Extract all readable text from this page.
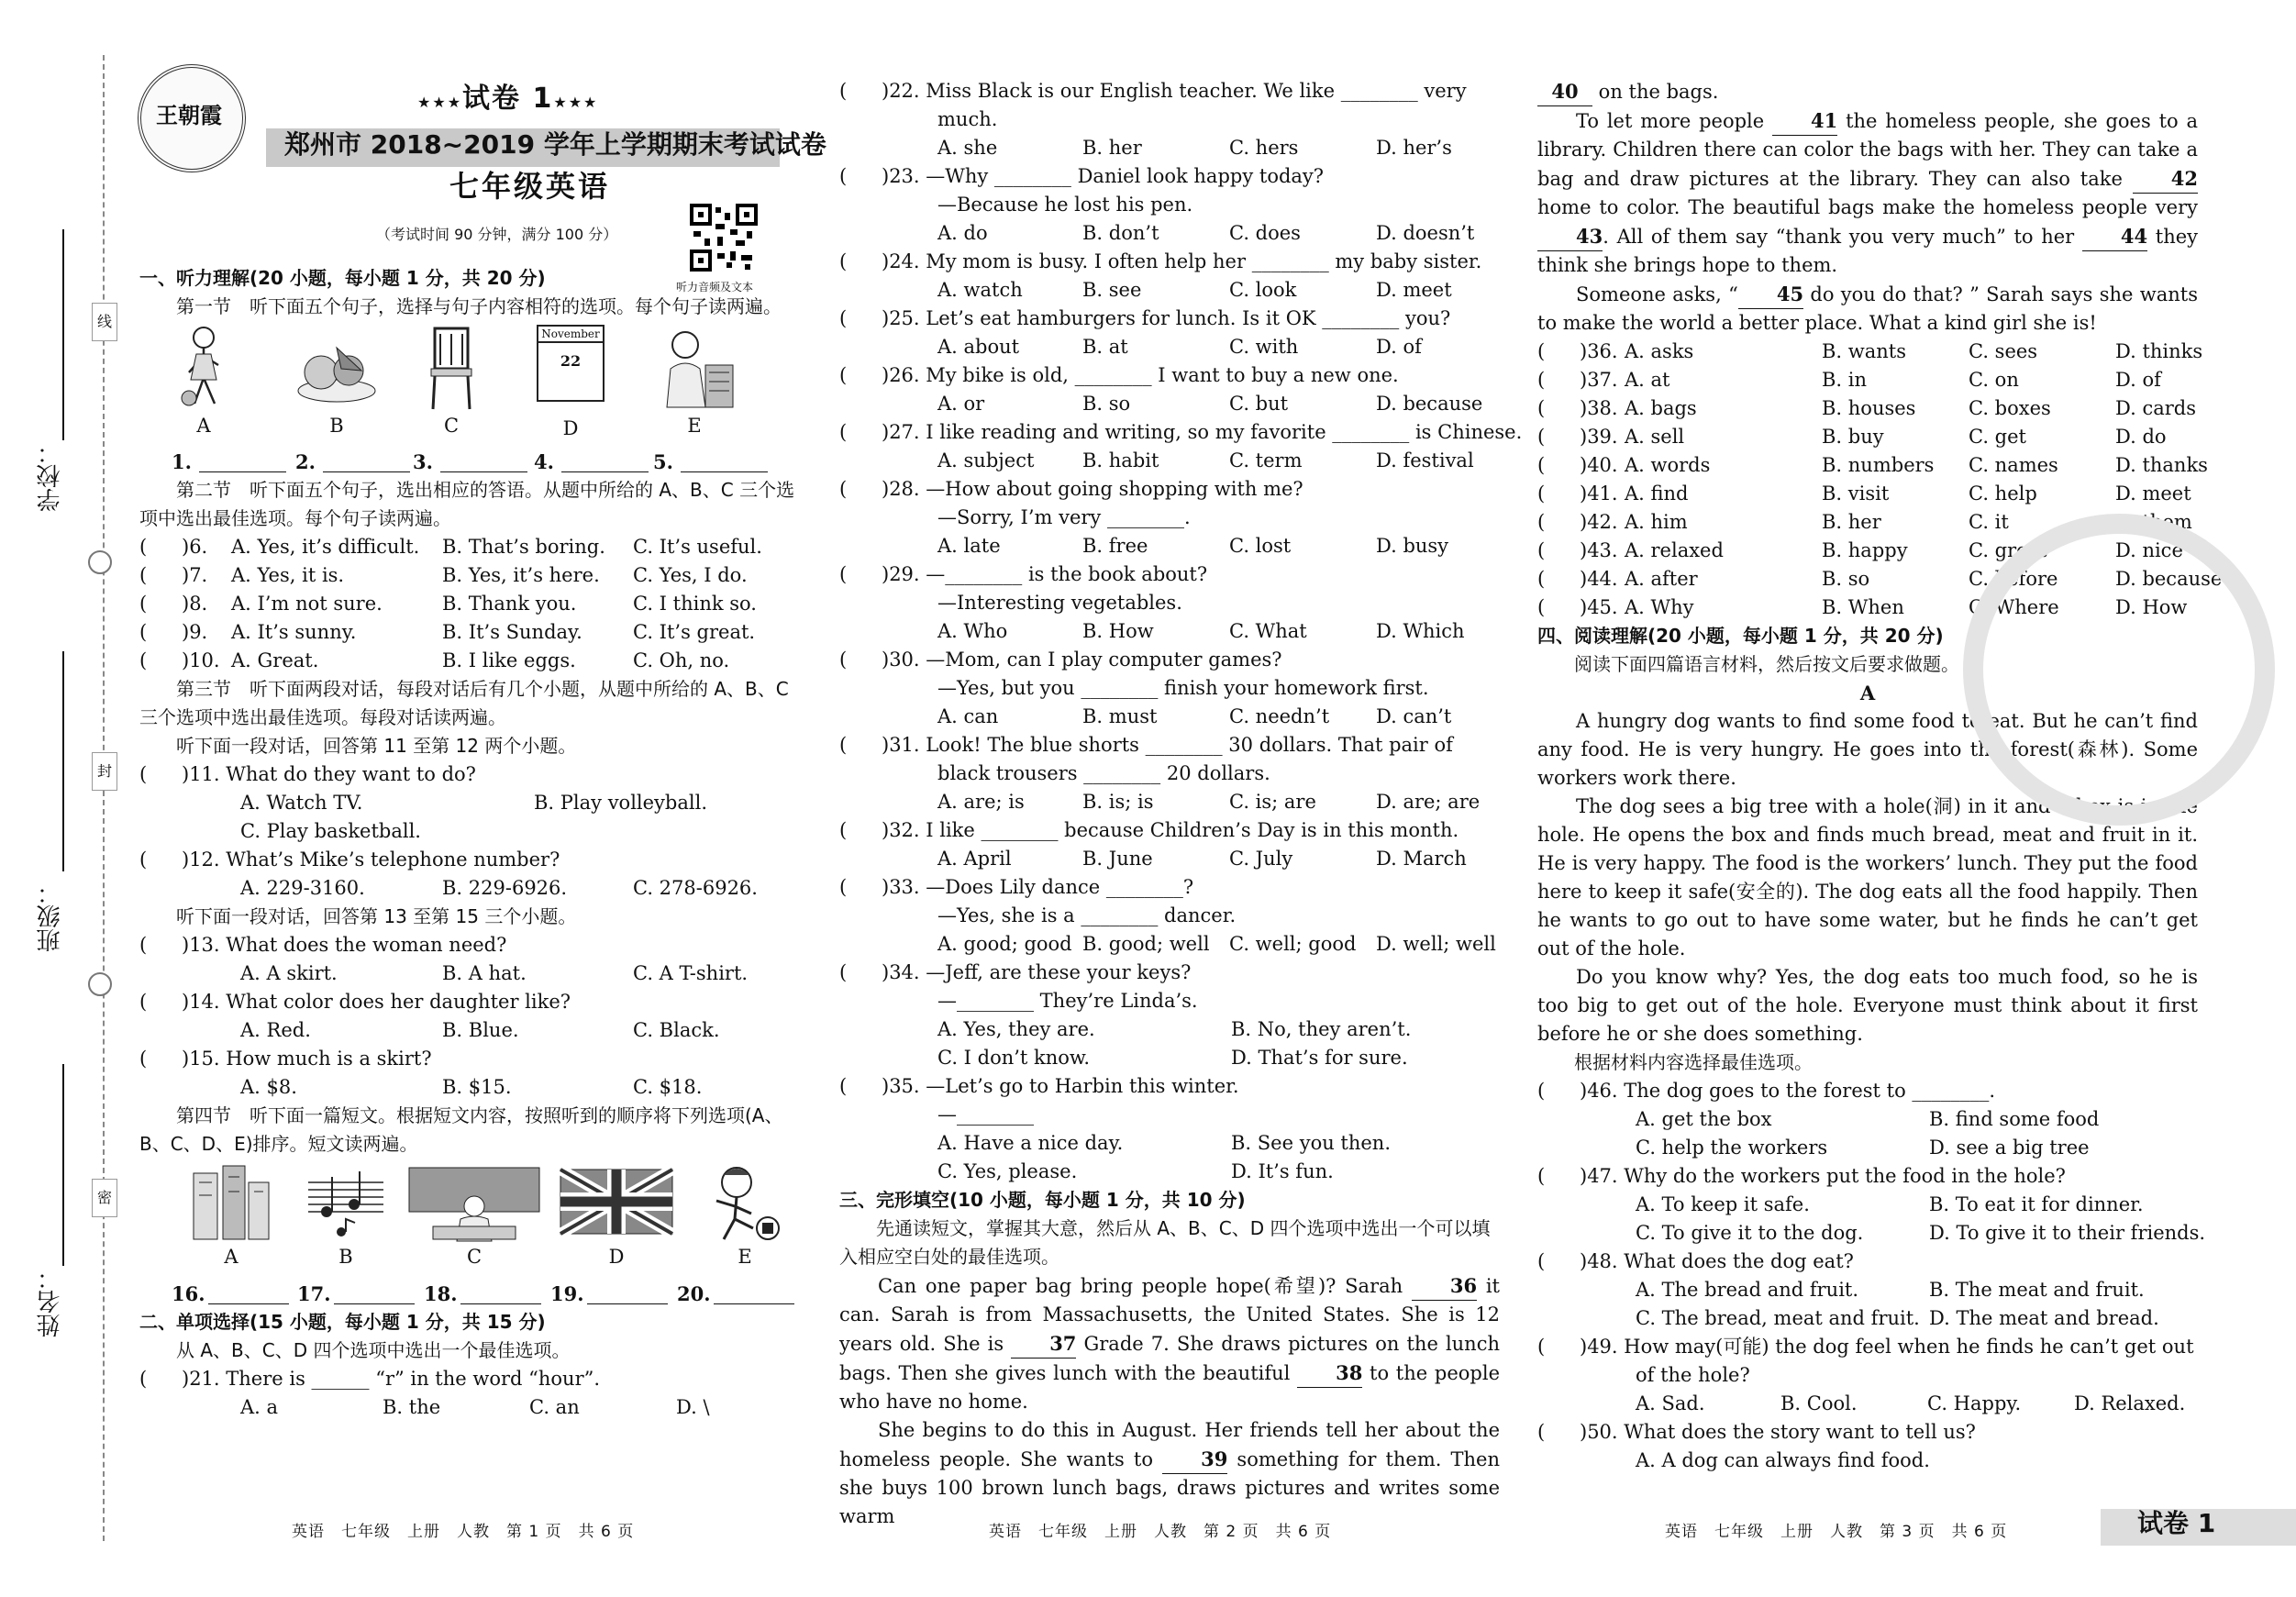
线
封
密
学校：
班级：
姓名：
王朝霞	★★★试卷 1★★★
郑州市 2018~2019 学年上学期期末考试试卷
七年级英语
（考试时间 90 分钟，满分 100 分）
听力音频及文本
一、听力理解(20 小题，每小题 1 分，共 20 分)
第一节　听下面五个句子，选择与句子内容相符的选项。每个句子读两遍。
A	B	C
November
22
D	E
1.	2.	3.	4.	5.
第二节　听下面五个句子，选出相应的答语。从题中所给的 A、B、C 三个选项中选出最佳选项。每个句子读两遍。
( )6. A. Yes, it’s difficult. B. That’s boring. C. It’s useful.
( )7. A. Yes, it is.	B. Yes, it’s here. C. Yes, I do.
( )8. A. I’m not sure.	B. Thank you.	C. I think so.
( )9. A. It’s sunny.	B. It’s Sunday.	C. It’s great.
( )10. A. Great.	B. I like eggs.	C. Oh, no.
第三节　听下面两段对话，每段对话后有几个小题，从题中所给的 A、B、C 三个选项中选出最佳选项。每段对话读两遍。
听下面一段对话，回答第 11 至第 12 两个小题。
( )11. What do they want to do?
A. Watch TV.	B. Play volleyball.
C. Play basketball.
( )12. What’s Mike’s telephone number?
A. 229-3160.	B. 229-6926.	C. 278-6926.
听下面一段对话，回答第 13 至第 15 三个小题。
( )13. What does the woman need?
A. A skirt.	B. A hat.	C. A T-shirt.
( )14. What color does her daughter like?
A. Red.	B. Blue.	C. Black.
( )15. How much is a skirt?
A. $8.	B. $15.	C. $18.
第四节　听下面一篇短文。根据短文内容，按照听到的顺序将下列选项(A、B、C、D、E)排序。短文读两遍。
A	B	C	D	E
16.	17.	18.	19.	20.
二、单项选择(15 小题，每小题 1 分，共 15 分)
从 A、B、C、D 四个选项中选出一个最佳选项。
( )21. There is ______ “r” in the word “hour”.
A. a	B. the	C. an	D. \
( )22. Miss Black is our English teacher. We like ________ very
much.
A. she	B. her	C. hers	D. her’s
( )23. —Why ________ Daniel look happy today?
—Because he lost his pen.
A. do	B. don’t	C. does	D. doesn’t
( )24. My mom is busy. I often help her ________ my baby sister.
A. watch	B. see	C. look	D. meet
( )25. Let’s eat hamburgers for lunch. Is it OK ________ you?
A. about	B. at	C. with	D. of
( )26. My bike is old, ________ I want to buy a new one.
A. or	B. so	C. but	D. because
( )27. I like reading and writing, so my favorite ________ is Chinese.
A. subject	B. habit	C. term	D. festival
( )28. —How about going shopping with me?
—Sorry, I’m very ________.
A. late	B. free	C. lost	D. busy
( )29. —________ is the book about?
—Interesting vegetables.
A. Who	B. How	C. What	D. Which
( )30. —Mom, can I play computer games?
—Yes, but you ________ finish your homework first.
A. can	B. must	C. needn’t D. can’t
( )31. Look! The blue shorts ________ 30 dollars. That pair of
black trousers ________ 20 dollars.
A. are; is	B. is; is	C. is; are	D. are; are
( )32. I like ________ because Children’s Day is in this month.
A. April	B. June	C. July	D. March
( )33. —Does Lily dance ________?
—Yes, she is a ________ dancer.
A. good; good B. good; well C. well; good D. well; well
( )34. —Jeff, are these your keys?
—________ They’re Linda’s.
A. Yes, they are.	B. No, they aren’t.
C. I don’t know.	D. That’s for sure.
( )35. —Let’s go to Harbin this winter.
—________
A. Have a nice day.	B. See you then.
C. Yes, please.	D. It’s fun.
三、完形填空(10 小题，每小题 1 分，共 10 分)
先通读短文，掌握其大意，然后从 A、B、C、D 四个选项中选出一个可以填入相应空白处的最佳选项。
Can one paper bag bring people hope(希望)? Sarah 36 it can. Sarah is from Massachusetts, the United States. She is 12 years old. She is 37 Grade 7. She draws pictures on the lunch bags. Then she gives lunch with the beautiful 38 to the people who have no home.
She begins to do this in August. Her friends tell her about the homeless people. She wants to 39 something for them. Then she buys 100 brown lunch bags, draws pictures and writes some warm
40 on the bags.
To let more people 41 the homeless people, she goes to a library. Children there can color the bags with her. They can take a bag and draw pictures at the library. They can also take 42 home to color. The beautiful bags make the homeless people very 43. All of them say “thank you very much” to her 44 they think she brings hope to them.
Someone asks, “ 45 do you do that? ” Sarah says she wants to make the world a better place. What a kind girl she is!
( )36. A. asks	B. wants	C. sees	D. thinks
( )37. A. at	B. in	C. on	D. of
( )38. A. bags	B. houses	C. boxes	D. cards
( )39. A. sell	B. buy	C. get	D. do
( )40. A. words	B. numbers C. names	D. thanks
( )41. A. find	B. visit	C. help	D. meet
( )42. A. him	B. her	C. it	D. them
( )43. A. relaxed	B. happy	C. great	D. nice
( )44. A. after	B. so	C. before	D. because
( )45. A. Why	B. When	C. Where	D. How
四、阅读理解(20 小题，每小题 1 分，共 20 分)
阅读下面四篇语言材料，然后按文后要求做题。
A
A hungry dog wants to find some food to eat. But he can’t find any food. He is very hungry. He goes into the forest(森林). Some workers work there.
The dog sees a big tree with a hole(洞) in it and a box is in the hole. He opens the box and finds much bread, meat and fruit in it. He is very happy. The food is the workers’ lunch. They put the food here to keep it safe(安全的). The dog eats all the food happily. Then he wants to go out to have some water, but he finds he can’t get out of the hole.
Do you know why? Yes, the dog eats too much food, so he is too big to get out of the hole. Everyone must think about it first before he or she does something.
根据材料内容选择最佳选项。
( )46. The dog goes to the forest to ________.
A. get the box	B. find some food
C. help the workers	D. see a big tree
( )47. Why do the workers put the food in the hole?
A. To keep it safe.	B. To eat it for dinner.
C. To give it to the dog.	D. To give it to their friends.
( )48. What does the dog eat?
A. The bread and fruit.	B. The meat and fruit.
C. The bread, meat and fruit. D. The meat and bread.
( )49. How may(可能) the dog feel when he finds he can’t get out
of the hole?
A. Sad.	B. Cool.	C. Happy.	D. Relaxed.
( )50. What does the story want to tell us?
A. A dog can always find food.
英语　七年级　上册　人教　第 1 页　共 6 页	英语　七年级　上册　人教　第 2 页　共 6 页	英语　七年级　上册　人教　第 3 页　共 6 页	试卷 1
